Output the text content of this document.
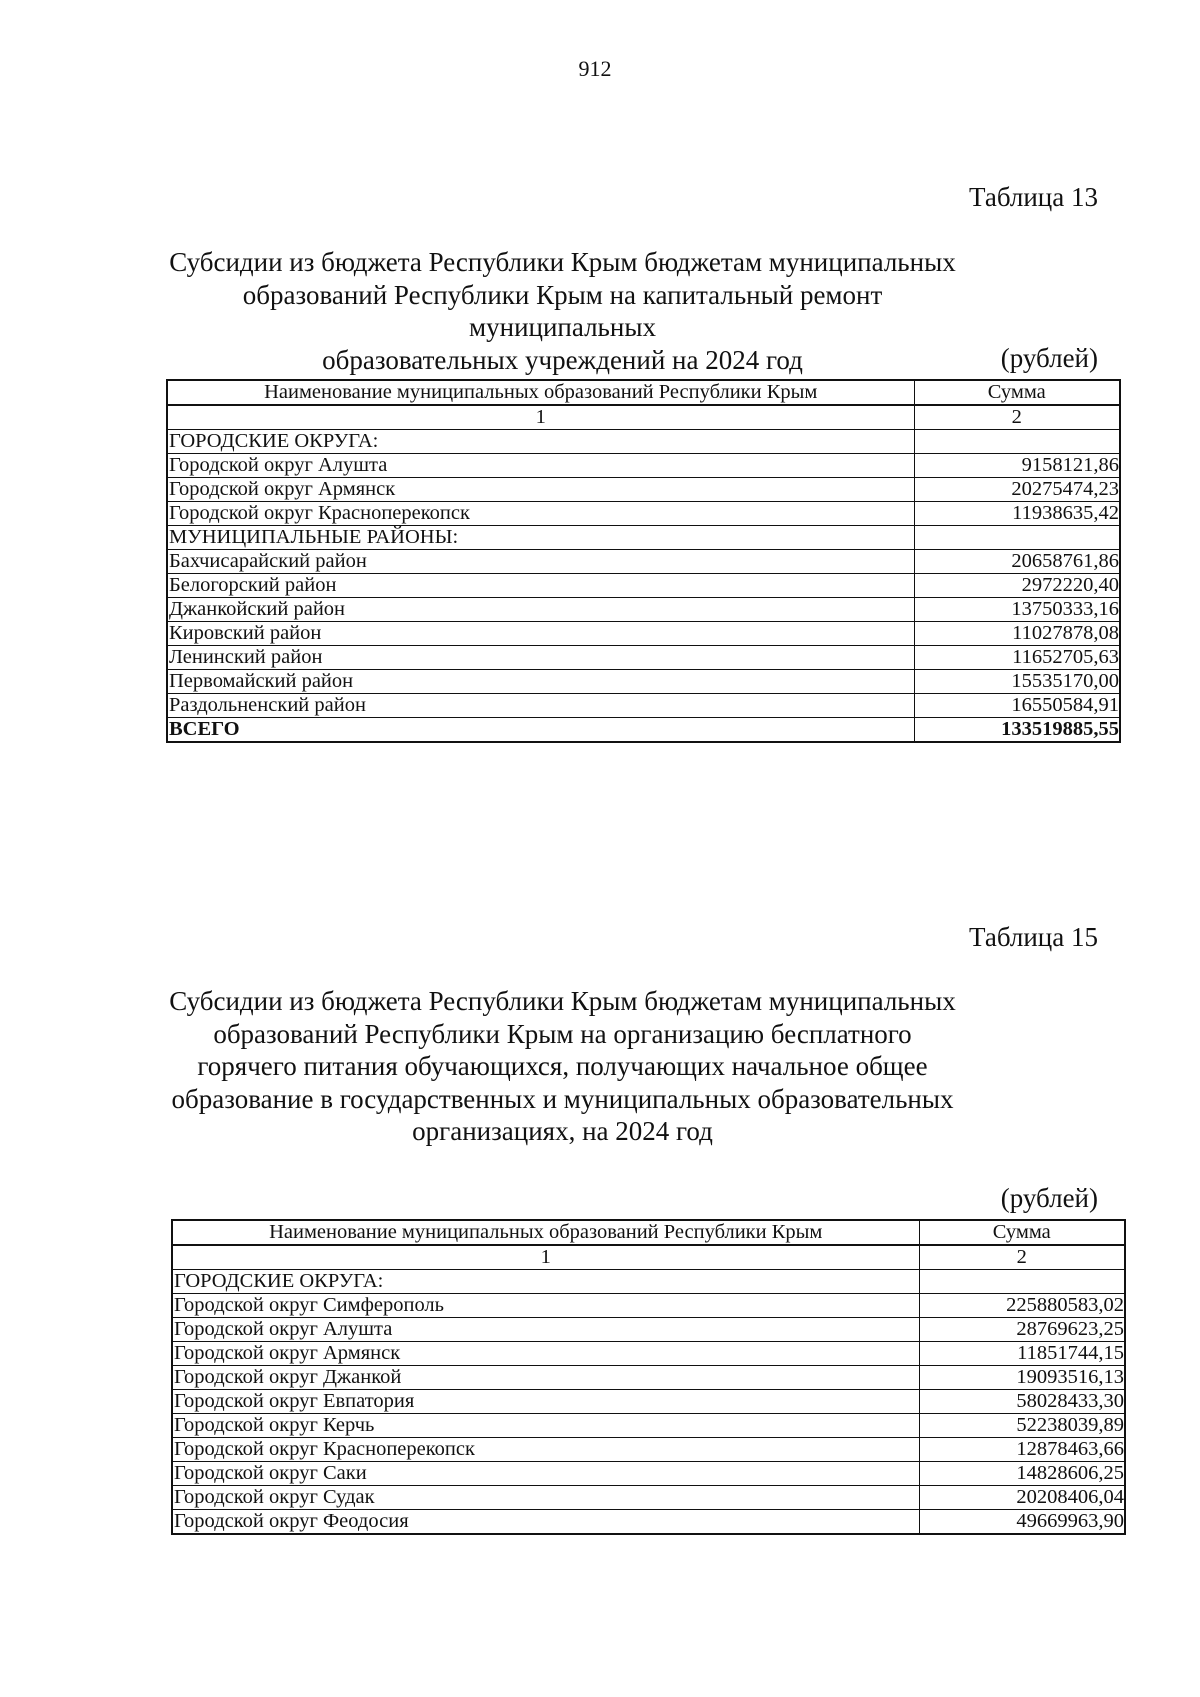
912
Таблица 13
Субсидии из бюджета Республики Крым бюджетам муниципальных
образований Республики Крым на капитальный ремонт муниципальных
образовательных учреждений на 2024 год	(рублей)
Наименование муниципальных образований Республики Крым	Сумма
1	2
ГОРОДСКИЕ ОКРУГА:	
Городской округ Алушта	9158121,86
Городской округ Армянск	20275474,23
Городской округ Красноперекопск	11938635,42
МУНИЦИПАЛЬНЫЕ РАЙОНЫ:	
Бахчисарайский район	20658761,86
Белогорский район	2972220,40
Джанкойский район	13750333,16
Кировский район	11027878,08
Ленинский район	11652705,63
Первомайский район	15535170,00
Раздольненский район	16550584,91
ВСЕГО	133519885,55
Таблица 15
Субсидии из бюджета Республики Крым бюджетам муниципальных
образований Республики Крым на организацию бесплатного
горячего питания обучающихся, получающих начальное общее
образование в государственных и муниципальных образовательных
организациях, на 2024 год
(рублей)
Наименование муниципальных образований Республики Крым	Сумма
1	2
ГОРОДСКИЕ ОКРУГА:	
Городской округ Симферополь	225880583,02
Городской округ Алушта	28769623,25
Городской округ Армянск	11851744,15
Городской округ Джанкой	19093516,13
Городской округ Евпатория	58028433,30
Городской округ Керчь	52238039,89
Городской округ Красноперекопск	12878463,66
Городской округ Саки	14828606,25
Городской округ Судак	20208406,04
Городской округ Феодосия	49669963,90
